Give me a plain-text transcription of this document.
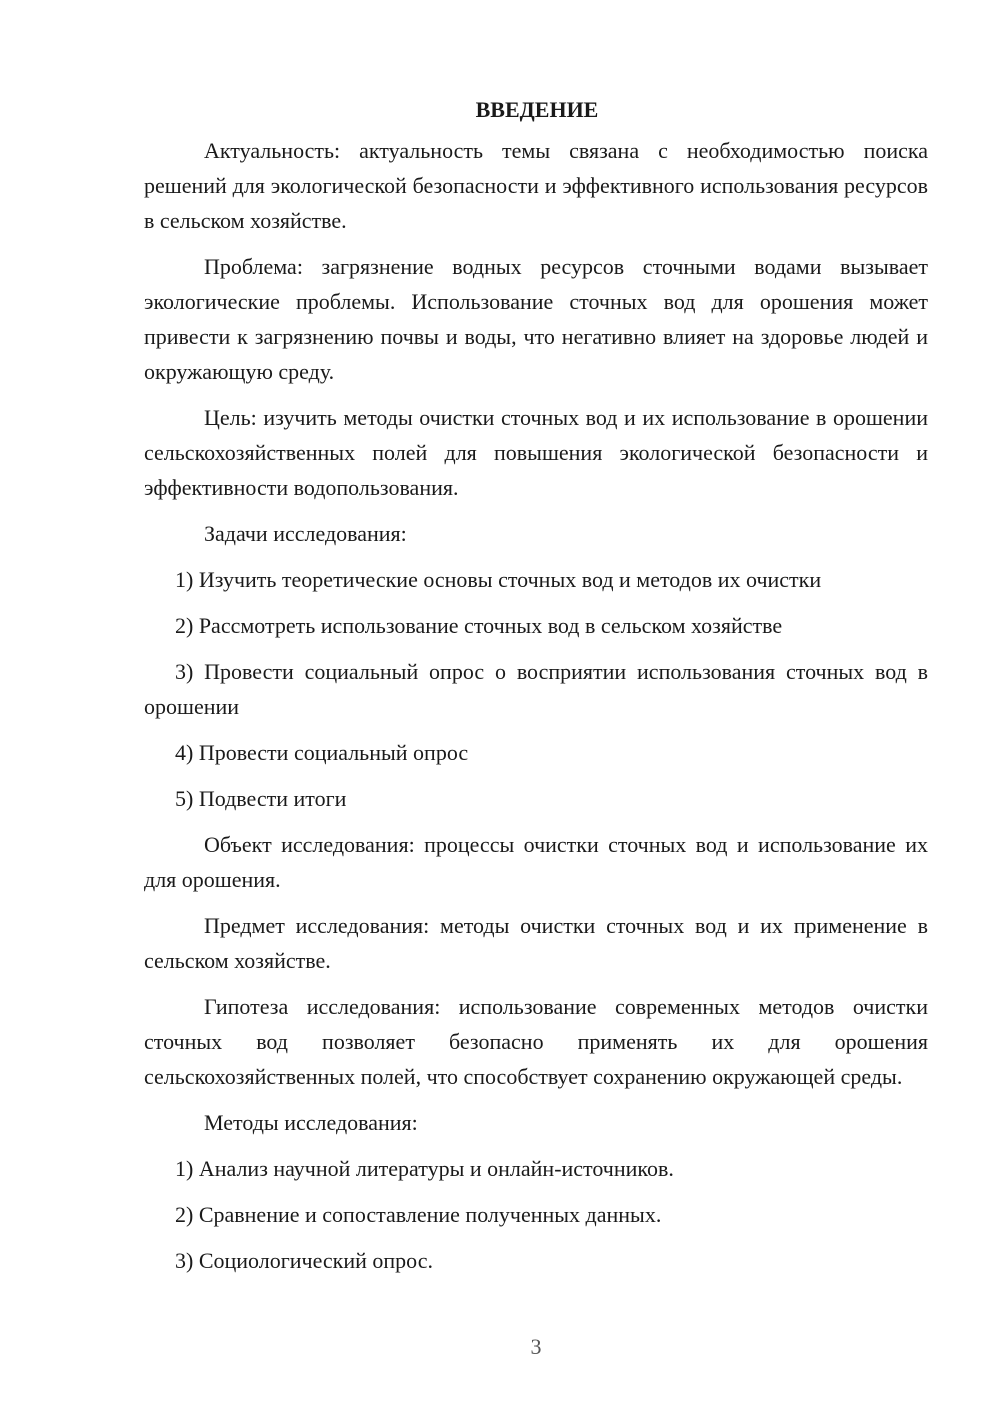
ВВЕДЕНИЕ

Актуальность: актуальность темы связана с необходимостью поиска решений для экологической безопасности и эффективного использования ресурсов в сельском хозяйстве.

Проблема: загрязнение водных ресурсов сточными водами вызывает экологические проблемы. Использование сточных вод для орошения может привести к загрязнению почвы и воды, что негативно влияет на здоровье людей и окружающую среду.

Цель: изучить методы очистки сточных вод и их использование в орошении сельскохозяйственных полей для повышения экологической безопасности и эффективности водопользования.

Задачи исследования:

1) Изучить теоретические основы сточных вод и методов их очистки

2) Рассмотреть использование сточных вод в сельском хозяйстве

3) Провести социальный опрос о восприятии использования сточных вод в орошении

4) Провести социальный опрос

5) Подвести итоги

Объект исследования: процессы очистки сточных вод и использование их для орошения.

Предмет исследования: методы очистки сточных вод и их применение в сельском хозяйстве.

Гипотеза исследования: использование современных методов очистки сточных вод позволяет безопасно применять их для орошения сельскохозяйственных полей, что способствует сохранению окружающей среды.

Методы исследования:

1) Анализ научной литературы и онлайн-источников.

2) Сравнение и сопоставление полученных данных.

3) Социологический опрос.

3
